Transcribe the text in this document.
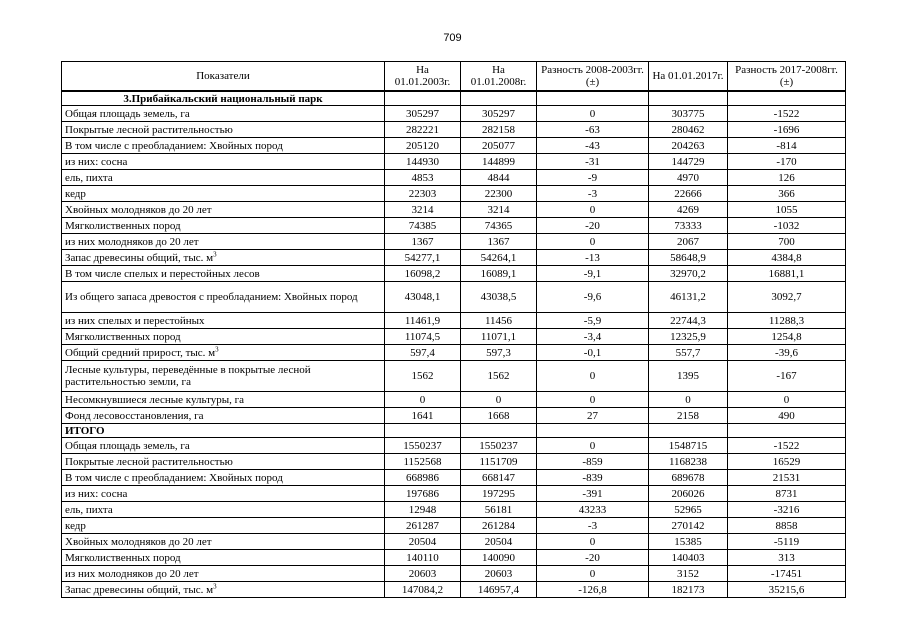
709
Показатели	На 01.01.2003г.	На 01.01.2008г.	Разность 2008-2003гг. (±)	На 01.01.2017г.	Разность 2017-2008гг. (±)
3.Прибайкальский национальный парк					
Общая площадь земель, га	305297	305297	0	303775	-1522
Покрытые лесной растительностью	282221	282158	-63	280462	-1696
В том числе с преобладанием: Хвойных пород	205120	205077	-43	204263	-814
из них: сосна	144930	144899	-31	144729	-170
ель, пихта	4853	4844	-9	4970	126
кедр	22303	22300	-3	22666	366
Хвойных молодняков до 20 лет	3214	3214	0	4269	1055
Мягколиственных пород	74385	74365	-20	73333	-1032
из них молодняков до 20 лет	1367	1367	0	2067	700
Запас древесины общий, тыс. $м^3$	54277,1	54264,1	-13	58648,9	4384,8
В том числе спелых и перестойных лесов	16098,2	16089,1	-9,1	32970,2	16881,1
Из общего запаса древостоя с преобладанием: Хвойных пород	43048,1	43038,5	-9,6	46131,2	3092,7
из них спелых и перестойных	11461,9	11456	-5,9	22744,3	11288,3
Мягколиственных пород	11074,5	11071,1	-3,4	12325,9	1254,8
Общий средний прирост, тыс. $м^3$	597,4	597,3	-0,1	557,7	-39,6
Лесные культуры, переведённые в покрытые лесной растительностью земли, га	1562	1562	0	1395	-167
Несомкнувшиеся лесные культуры, га	0	0	0	0	0
Фонд лесовосстановления, га	1641	1668	27	2158	490
ИТОГО					
Общая площадь земель, га	1550237	1550237	0	1548715	-1522
Покрытые лесной растительностью	1152568	1151709	-859	1168238	16529
В том числе с преобладанием: Хвойных пород	668986	668147	-839	689678	21531
из них: сосна	197686	197295	-391	206026	8731
ель, пихта	12948	56181	43233	52965	-3216
кедр	261287	261284	-3	270142	8858
Хвойных молодняков до 20 лет	20504	20504	0	15385	-5119
Мягколиственных пород	140110	140090	-20	140403	313
из них молодняков до 20 лет	20603	20603	0	3152	-17451
Запас древесины общий, тыс. $м^3$	147084,2	146957,4	-126,8	182173	35215,6
